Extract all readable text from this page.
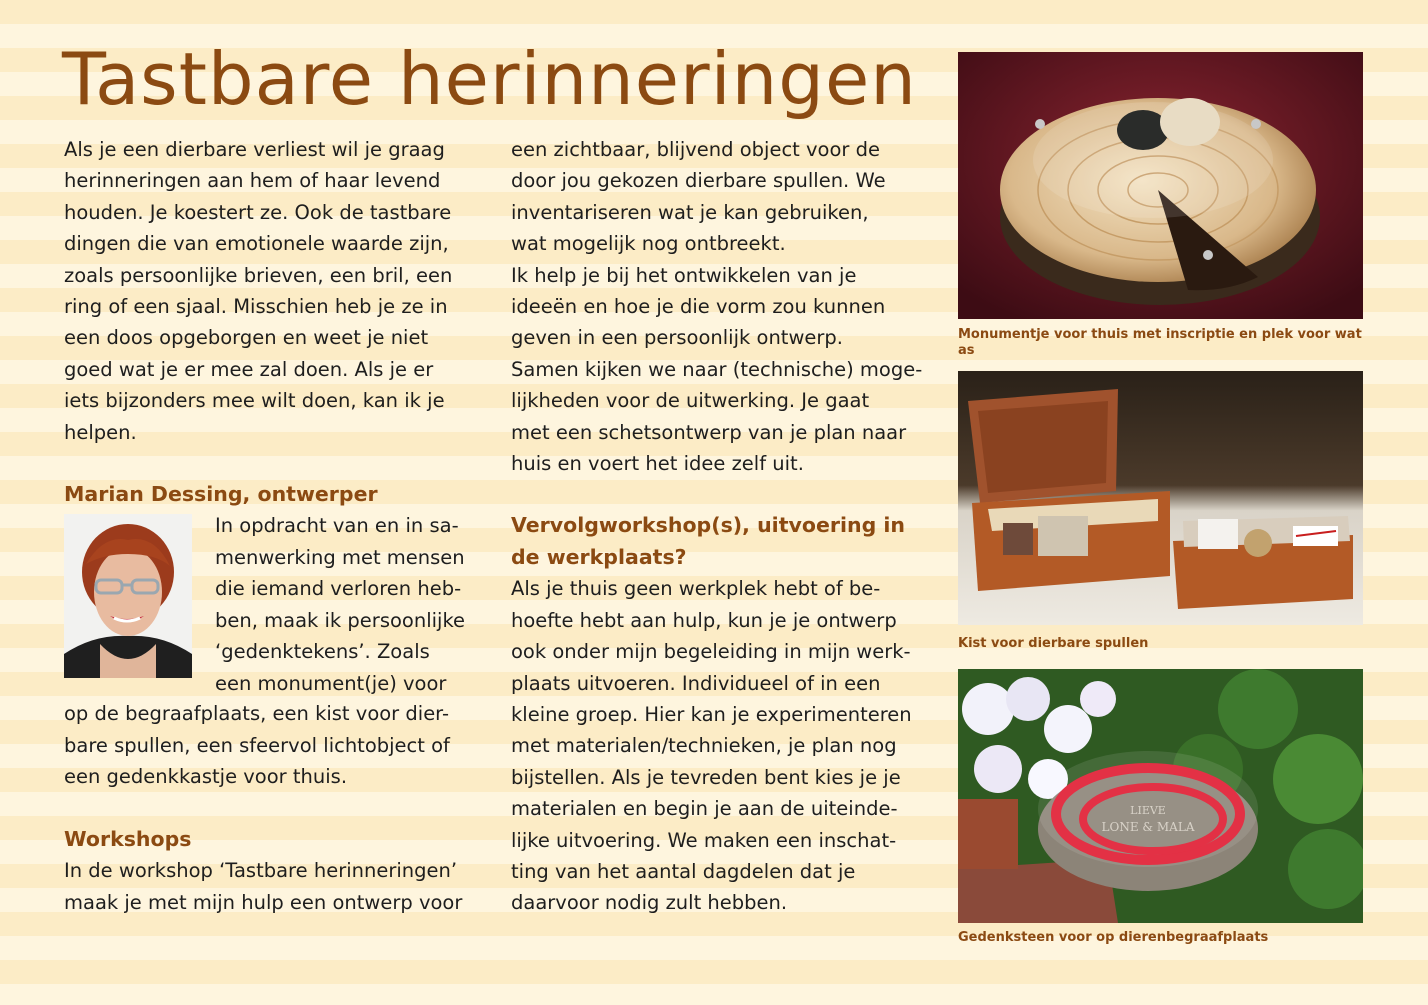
Tastbare herinneringen

Als je een dierbare verliest wil je graag

herinneringen aan hem of haar levend

houden. Je koestert ze. Ook de tastbare

dingen die van emotionele waarde zijn,

zoals persoonlijke brieven, een bril, een

ring of een sjaal. Misschien heb je ze in

een doos opgeborgen en weet je niet

goed wat je er mee zal doen. Als je er

iets bijzonders mee wilt doen, kan ik je

helpen.

Marian Dessing, ontwerper

In opdracht van en in sa-

menwerking met mensen

die iemand verloren heb-

ben, maak ik persoonlijke

‘gedenktekens’. Zoals

een monument(je) voor

op de begraafplaats, een kist voor dier-

bare spullen, een sfeervol lichtobject of

een gedenkkastje voor thuis.

Workshops

In de workshop ‘Tastbare herinneringen’

maak je met mijn hulp een ontwerp voor

een zichtbaar, blijvend object voor de

door jou gekozen dierbare spullen. We

inventariseren wat je kan gebruiken,

wat mogelijk nog ontbreekt.

Ik help je bij het ontwikkelen van je

ideeën en hoe je die vorm zou kunnen

geven in een persoonlijk ontwerp.

Samen kijken we naar (technische) moge-

lijkheden voor de uitwerking. Je gaat

met een schetsontwerp van je plan naar

huis en voert het idee zelf uit.

Vervolgworkshop(s), uitvoering in

de werkplaats?

Als je thuis geen werkplek hebt of be-

hoefte hebt aan hulp, kun je je ontwerp

ook onder mijn begeleiding in mijn werk-

plaats uitvoeren. Individueel of in een

kleine groep. Hier kan je experimenteren

met materialen/technieken, je plan nog

bijstellen. Als je tevreden bent kies je je

materialen en begin je aan de uiteinde-

lijke uitvoering. We maken een inschat-

ting van het aantal dagdelen dat je

daarvoor nodig zult hebben.

Monumentje voor thuis met inscriptie en plek voor wat as
Kist voor dierbare spullen
LIEVE
LONE & MALA
Gedenksteen voor op dierenbegraafplaats
